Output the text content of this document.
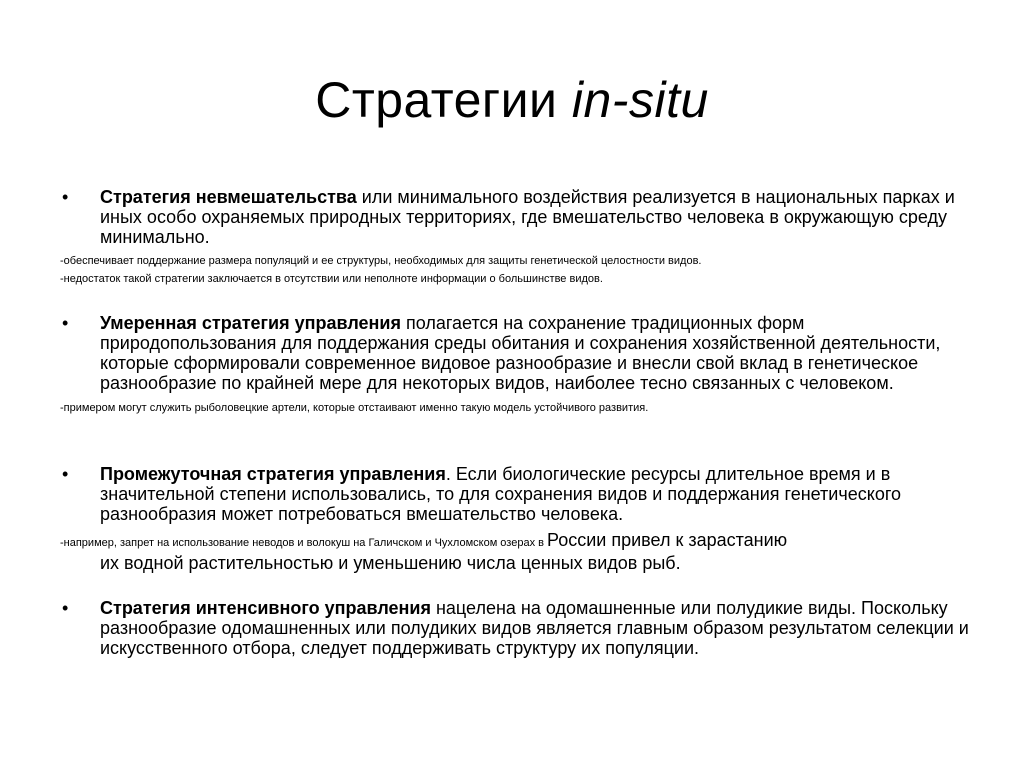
Стратегии in-situ
• Стратегия невмешательства или минимального воздействия реализуется в национальных парках и иных особо охраняемых природных территориях, где вмешательство человека в окружающую среду минимально.
-обеспечивает поддержание размера популяций и ее структуры, необходимых для защиты генетической целостности видов.
-недостаток такой стратегии заключается в отсутствии или неполноте информации о большинстве видов.
• Умеренная стратегия управления полагается на сохранение традиционных форм природопользования для поддержания среды обитания и сохранения хозяйственной деятельности, которые сформировали современное видовое разнообразие и внесли свой вклад в генетическое разнообразие по крайней мере для некоторых видов, наиболее тесно связанных с человеком.
-примером могут служить рыболовецкие артели, которые отстаивают именно такую модель устойчивого развития.
• Промежуточная стратегия управления. Если биологические ресурсы длительное время и в значительной степени использовались, то для сохранения видов и поддержания генетического разнообразия может потребоваться вмешательство человека.
-например, запрет на использование неводов и волокуш на Галичском и Чухломском озерах в России привел к зарастанию
их водной растительностью и уменьшению числа ценных видов рыб.
• Стратегия интенсивного управления нацелена на одомашненные или полудикие виды. Поскольку разнообразие одомашненных или полудиких видов является главным образом результатом селекции и искусственного отбора, следует поддерживать структуру их популяции.
